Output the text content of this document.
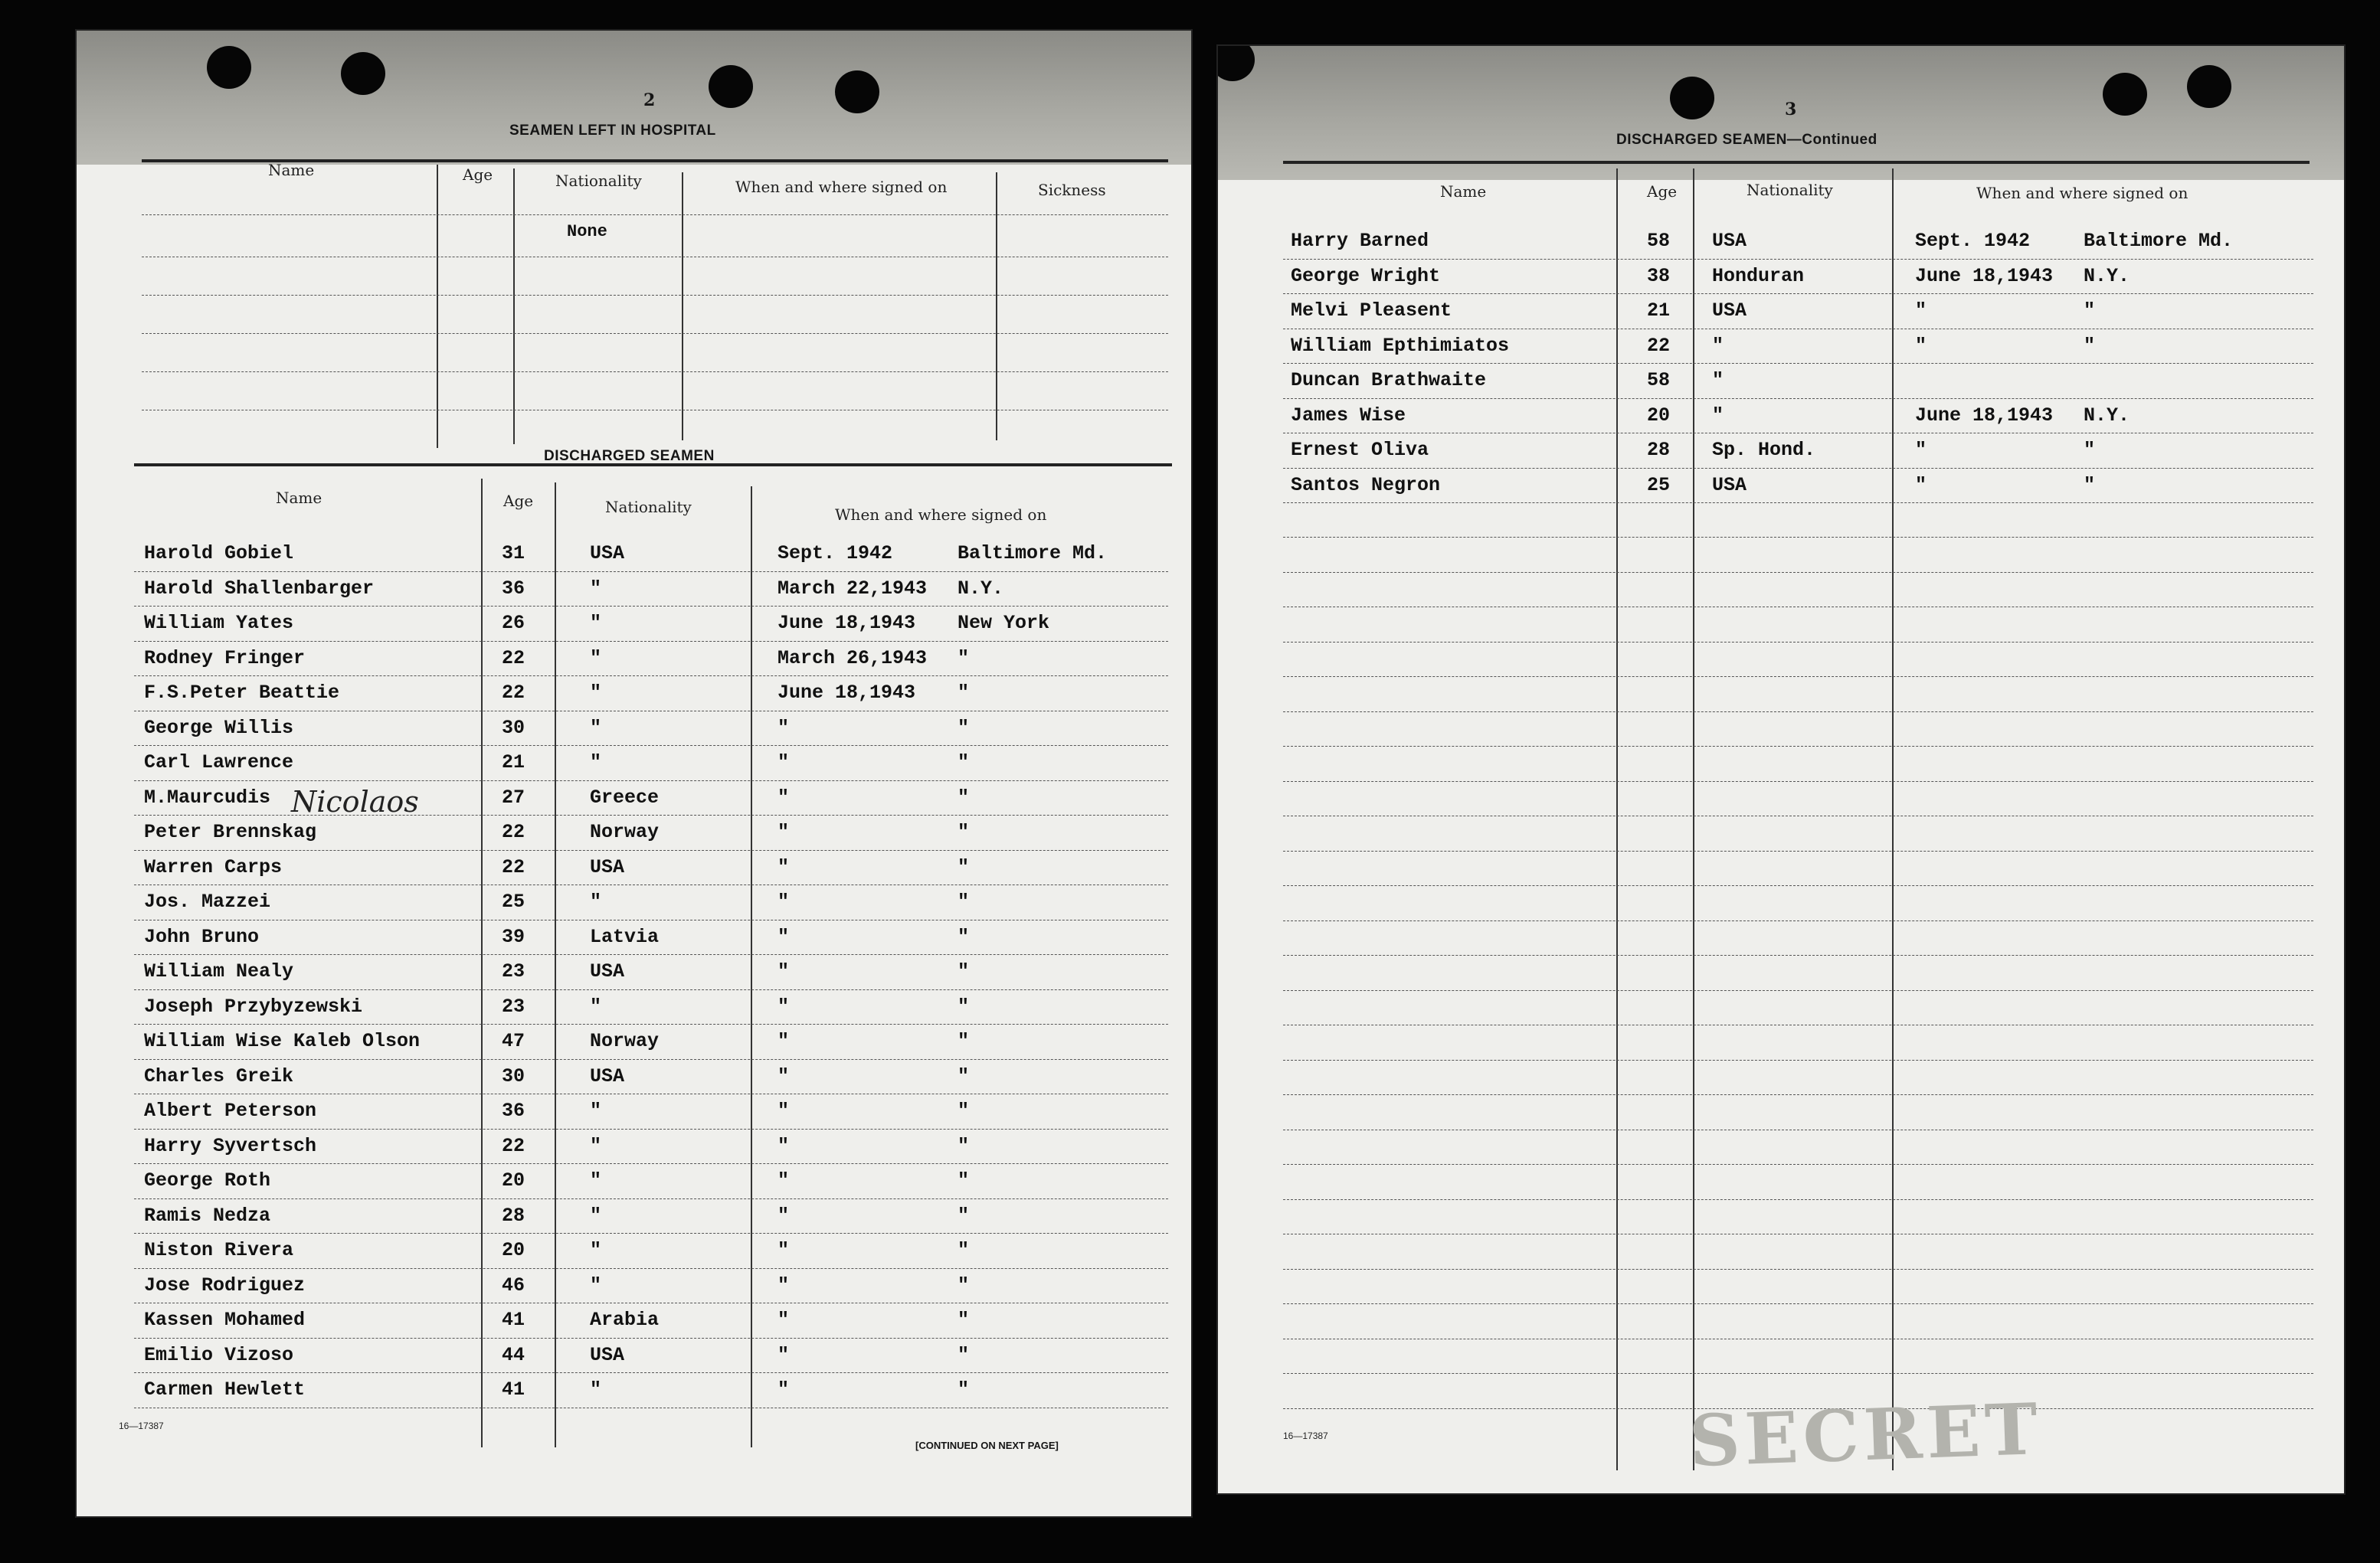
2
SEAMEN LEFT IN HOSPITAL
Name	Age	Nationality	When and where signed on	Sickness
None
DISCHARGED SEAMEN
Name	Age	Nationality	When and where signed on
Harold Gobiel	31	USA	Sept. 1942	Baltimore Md.
Harold Shallenbarger	36	"	March 22,1943 N.Y.
William Yates	26	"	June 18,1943 New York
Rodney Fringer	22	"	March 26,1943 "
F.S.Peter Beattie	22	"	June 18,1943 "
George Willis	30	"	"	"
Carl Lawrence	21	"	"	"
M.Maurcudis	27	Greece	"	"
Peter Brennskag	22	Norway	"	"
Warren Carps	22	USA	"	"
Jos. Mazzei	25	"	"	"
John Bruno	39	Latvia	"	"
William Nealy	23	USA	"	"
Joseph Przybyzewski	23	"	"	"
William Wise Kaleb Olson	47	Norway	"	"
Charles Greik	30	USA	"	"
Albert Peterson	36	"	"	"
Harry Syvertsch	22	"	"	"
George Roth	20	"	"	"
Ramis Nedza	28	"	"	"
Niston Rivera	20	"	"	"
Jose Rodriguez	46	"	"	"
Kassen Mohamed	41	Arabia	"	"
Emilio Vizoso	44	USA	"	"
Carmen Hewlett	41	"	"	"
Nicolaos
16—17387
[CONTINUED ON NEXT PAGE]
3
DISCHARGED SEAMEN—Continued
Name	Age	Nationality	When and where signed on
Harry Barned	58 USA	Sept. 1942	Baltimore Md.
George Wright	38 Honduran	June 18,1943 N.Y.
Melvi Pleasent	21 USA	"	"
William Epthimiatos	22 "	"	"
Duncan Brathwaite	58 "
James Wise	20 "	June 18,1943 N.Y.
Ernest Oliva	28 Sp. Hond.	"	"
Santos Negron	25 USA	"	"
16—17387	SECRET
